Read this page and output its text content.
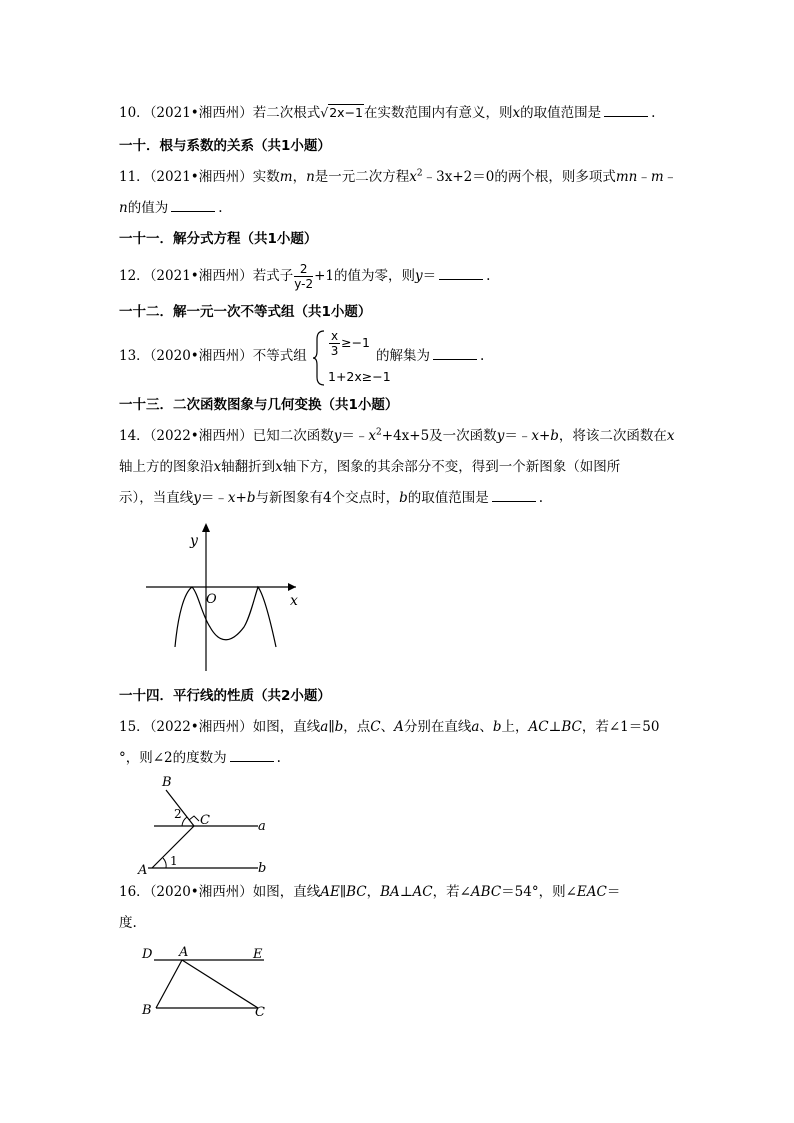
10．（2021•湘西州）若二次根式√2x−1在实数范围内有意义，则x的取值范围是	.
一十．根与系数的关系（共1小题）
11．（2021•湘西州）实数m，n是一元二次方程$x^2﹣3x+2=0$的两个根，则多项式mn﹣m﹣
n的值为	.
一十一．解分式方程（共1小题）
12．（2021•湘西州）若式子 $\frac{2}{y-2} +1$的值为零，则y＝	.
一十二．解一元一次不等式组（共1小题）
13．（2020•湘西州）不等式组 $\frac{x}{3} \ge-1$
1+2x≥−1
的解集为	.
一十三．二次函数图象与几何变换（共1小题）
14．（2022•湘西州）已知二次函数$y=﹣x^2+4x+5$及一次函数y＝﹣x+b，将该二次函数在x
轴上方的图象沿x轴翻折到x轴下方，图象的其余部分不变，得到一个新图象（如图所
示），当直线y＝﹣x+b与新图象有4个交点时，b的取值范围是	.
y
x
O
一十四．平行线的性质（共2小题）
15．（2022•湘西州）如图，直线a∥b，点C、A分别在直线a、b上，AC⊥BC，若∠1＝50
°，则∠2的度数为	.
B
C
A
a
b
1
2
16．（2020•湘西州）如图，直线AE∥BC，BA⊥AC，若∠ABC＝54°，则∠EAC＝
度.
D A	E
B	C
